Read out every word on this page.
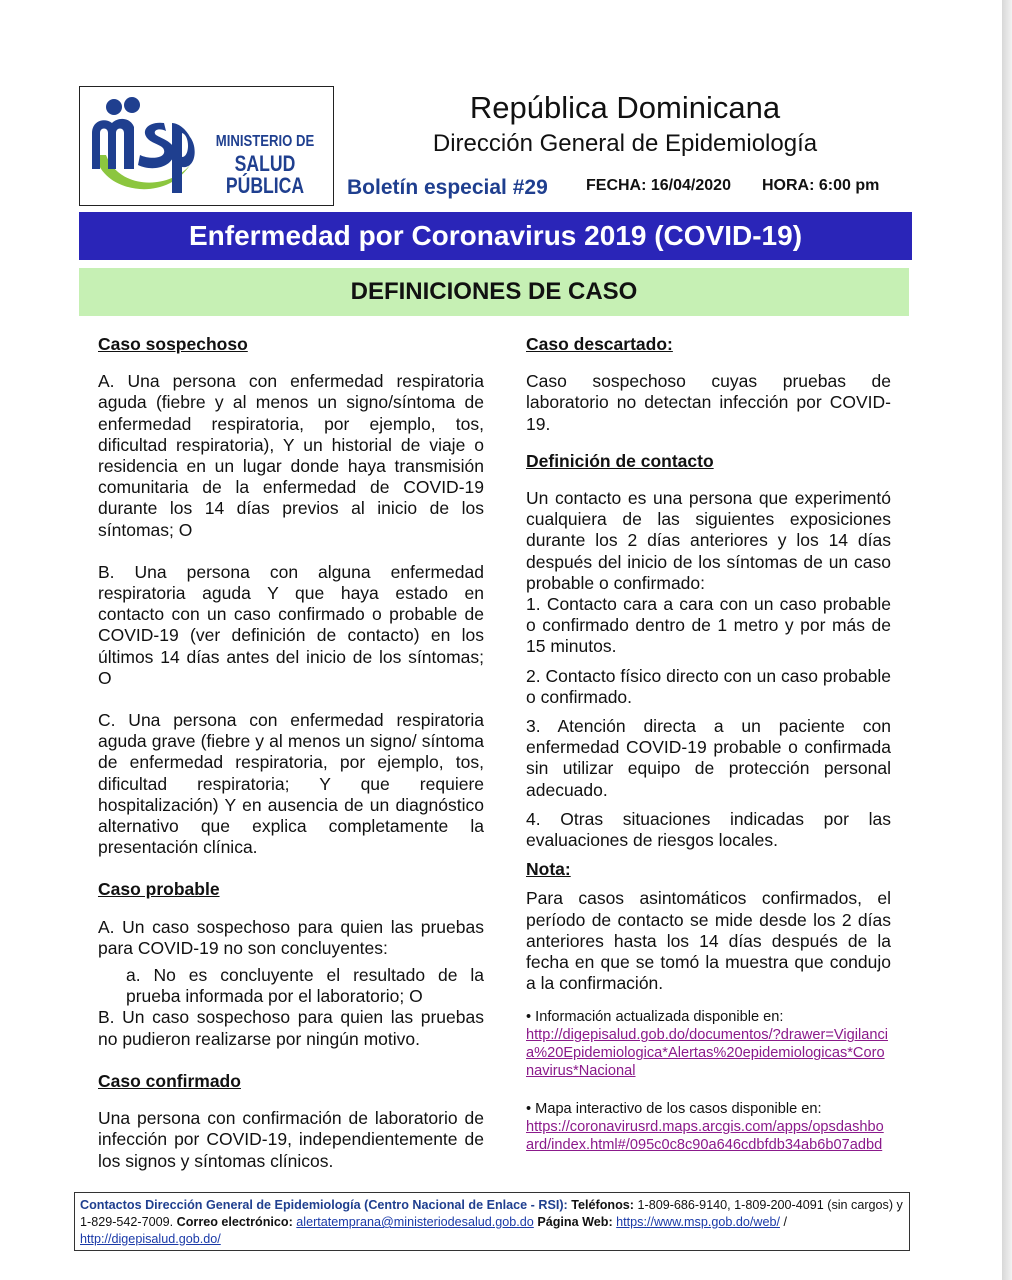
MINISTERIO DE
SALUD PÚBLICA
República Dominicana
Dirección General de Epidemiología
Boletín especial #29 FECHA: 16/04/2020 HORA: 6:00 pm
Enfermedad por Coronavirus 2019 (COVID-19)
DEFINICIONES DE CASO

Caso sospechoso

A. Una persona con enfermedad respiratoria aguda (fiebre y al menos un signo/síntoma de enfermedad respiratoria, por ejemplo, tos, dificultad respiratoria), Y un historial de viaje o residencia en un lugar donde haya transmisión comunitaria de la enfermedad de COVID-19 durante los 14 días previos al inicio de los síntomas; O

B. Una persona con alguna enfermedad respiratoria aguda Y que haya estado en contacto con un caso confirmado o probable de COVID-19 (ver definición de contacto) en los últimos 14 días antes del inicio de los síntomas; O

C. Una persona con enfermedad respiratoria aguda grave (fiebre y al menos un signo/ síntoma de enfermedad respiratoria, por ejemplo, tos, dificultad respiratoria; Y que requiere hospitalización) Y en ausencia de un diagnóstico alternativo que explica completamente la presentación clínica.

Caso probable

A. Un caso sospechoso para quien las pruebas para COVID-19 no son concluyentes:

a. No es concluyente el resultado de la prueba informada por el laboratorio; O

B. Un caso sospechoso para quien las pruebas no pudieron realizarse por ningún motivo.

Caso confirmado

Una persona con confirmación de laboratorio de infección por COVID-19, independientemente de los signos y síntomas clínicos.

Caso descartado:

Caso sospechoso cuyas pruebas de laboratorio no detectan infección por COVID-19.

Definición de contacto

Un contacto es una persona que experimentó cualquiera de las siguientes exposiciones durante los 2 días anteriores y los 14 días después del inicio de los síntomas de un caso probable o confirmado:

1. Contacto cara a cara con un caso probable o confirmado dentro de 1 metro y por más de 15 minutos.

2. Contacto físico directo con un caso probable o confirmado.

3. Atención directa a un paciente con enfermedad COVID-19 probable o confirmada sin utilizar equipo de protección personal adecuado.

4. Otras situaciones indicadas por las evaluaciones de riesgos locales.

Nota:

Para casos asintomáticos confirmados, el período de contacto se mide desde los 2 días anteriores hasta los 14 días después de la fecha en que se tomó la muestra que condujo a la confirmación.

• Información actualizada disponible en:
http://digepisalud.gob.do/documentos/?drawer=Vigilancia%20Epidemiologica*Alertas%20epidemiologicas*Coronavirus*Nacional
• Mapa interactivo de los casos disponible en:
https://coronavirusrd.maps.arcgis.com/apps/opsdashboard/index.html#/095c0c8c90a646cdbfdb34ab6b07adbd
Contactos Dirección General de Epidemiología (Centro Nacional de Enlace - RSI): Teléfonos: 1-809-686-9140, 1-809-200-4091 (sin cargos) y 1-829-542-7009. Correo electrónico: alertatemprana@ministeriodesalud.gob.do Página Web: https://www.msp.gob.do/web/ / http://digepisalud.gob.do/
